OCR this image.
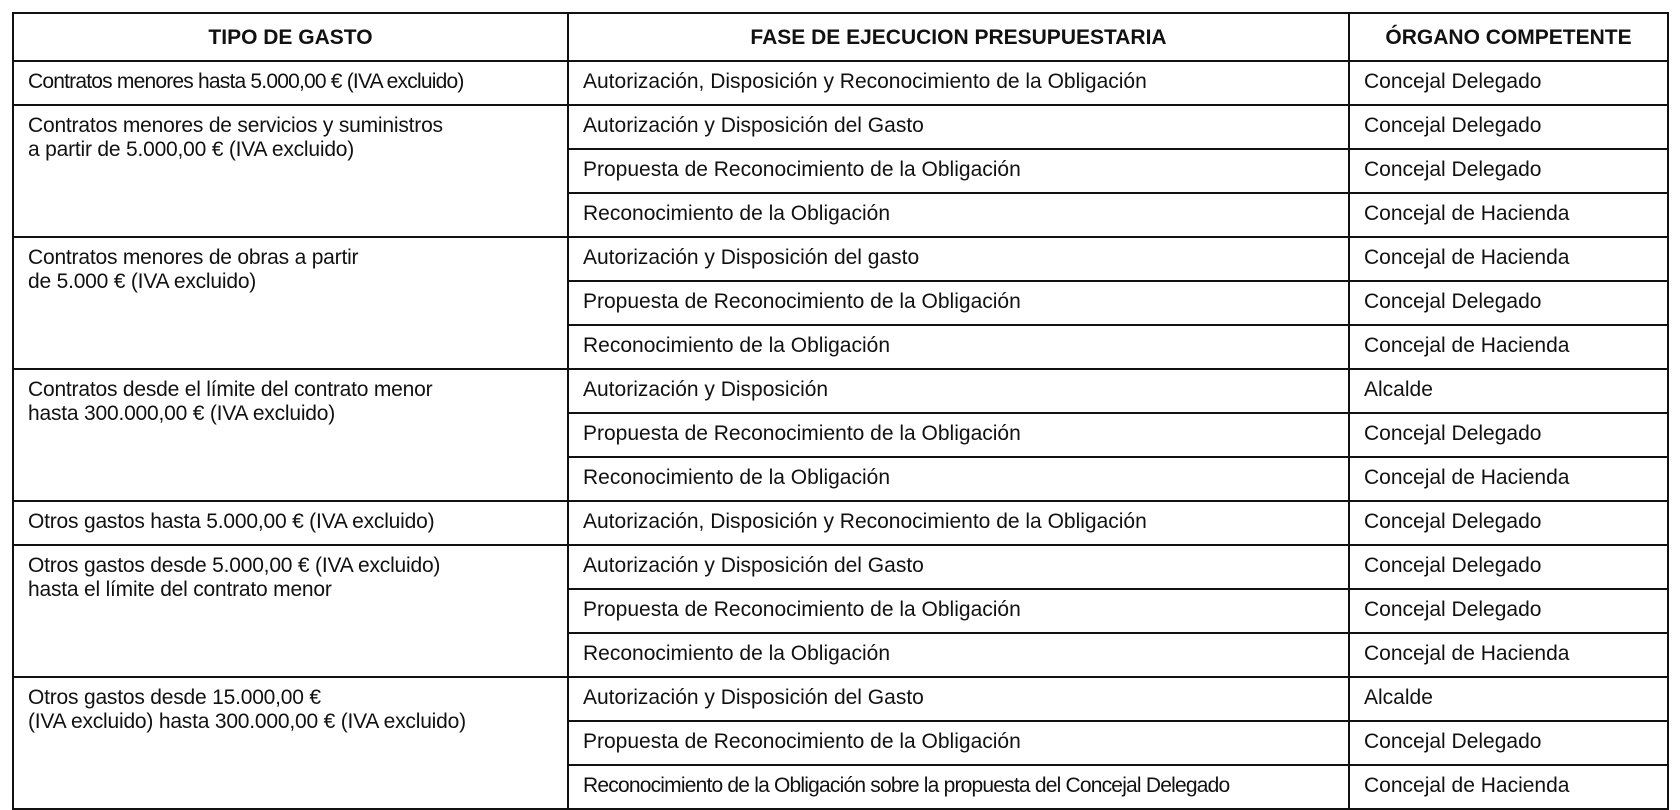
TIPO DE GASTO	FASE DE EJECUCION PRESUPUESTARIA	ÓRGANO COMPETENTE

Contratos menores hasta 5.000,00 € (IVA excluido)	Autorización, Disposición y Reconocimiento de la Obligación	Concejal Delegado

Contratos menores de servicios y suministros
a partir de 5.000,00 € (IVA excluido)	Autorización y Disposición del Gasto	Concejal Delegado
	Propuesta de Reconocimiento de la Obligación	Concejal Delegado
	Reconocimiento de la Obligación	Concejal de Hacienda

Contratos menores de obras a partir
de 5.000 € (IVA excluido)	Autorización y Disposición del gasto	Concejal de Hacienda
	Propuesta de Reconocimiento de la Obligación	Concejal Delegado
	Reconocimiento de la Obligación	Concejal de Hacienda

Contratos desde el límite del contrato menor
hasta 300.000,00 € (IVA excluido)	Autorización y Disposición	Alcalde
	Propuesta de Reconocimiento de la Obligación	Concejal Delegado
	Reconocimiento de la Obligación	Concejal de Hacienda

Otros gastos hasta 5.000,00 € (IVA excluido)	Autorización, Disposición y Reconocimiento de la Obligación	Concejal Delegado

Otros gastos desde 5.000,00 € (IVA excluido)
hasta el límite del contrato menor	Autorización y Disposición del Gasto	Concejal Delegado
	Propuesta de Reconocimiento de la Obligación	Concejal Delegado
	Reconocimiento de la Obligación	Concejal de Hacienda

Otros gastos desde 15.000,00 €
(IVA excluido) hasta 300.000,00 € (IVA excluido)	Autorización y Disposición del Gasto	Alcalde
	Propuesta de Reconocimiento de la Obligación	Concejal Delegado
	Reconocimiento de la Obligación sobre la propuesta del Concejal Delegado	Concejal de Hacienda
